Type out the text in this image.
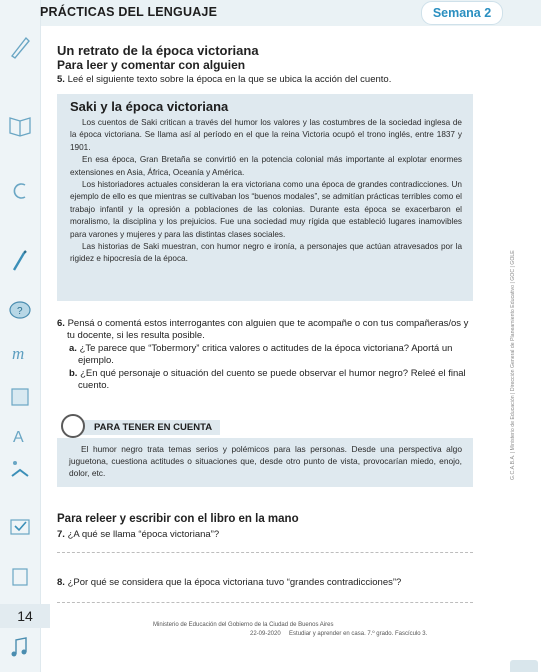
?
m
A
PRÁCTICAS DEL LENGUAJE	Semana 2
Un retrato de la época victoriana
Para leer y comentar con alguien
5. Leé el siguiente texto sobre la época en la que se ubica la acción del cuento.
Saki y la época victoriana

Los cuentos de Saki critican a través del humor los valores y las costumbres de la sociedad inglesa de la época victoriana. Se llama así al período en el que la reina Victoria ocupó el trono inglés, entre 1837 y 1901.

En esa época, Gran Bretaña se convirtió en la potencia colonial más importante al explotar enormes extensiones en Asia, África, Oceanía y América.

Los historiadores actuales consideran la era victoriana como una época de grandes contradicciones. Un ejemplo de ello es que mientras se cultivaban los “buenos modales”, se admitían prácticas terribles como el trabajo infantil y la opresión a poblaciones de las colonias. Durante esta época se exacerbaron el moralismo, la disciplina y los prejuicios. Fue una sociedad muy rígida que estableció lugares inamovibles para varones y mujeres y para las distintas clases sociales.

Las historias de Saki muestran, con humor negro e ironía, a personajes que actúan atravesados por la rigidez e hipocresía de la época.

6. Pensá o comentá estos interrogantes con alguien que te acompañe o con tus compañeras/os y tu docente, si les resulta posible.
a. ¿Te parece que “Tobermory” critica valores o actitudes de la época victoriana? Aportá un ejemplo.
b. ¿En qué personaje o situación del cuento se puede observar el humor negro? Releé el final cuento.
PARA TENER EN CUENTA
El humor negro trata temas serios y polémicos para las personas. Desde una perspectiva algo juguetona, cuestiona actitudes o situaciones que, desde otro punto de vista, provocarían miedo, enojo, dolor, etc.
Para releer y escribir con el libro en la mano
7. ¿A qué se llama “época victoriana”?
8. ¿Por qué se considera que la época victoriana tuvo “grandes contradicciones”?
14
Ministerio de Educación del Gobierno de la Ciudad de Buenos Aires
22-09-2020 Estudiar y aprender en casa. 7.º grado. Fascículo 3.
G.C.A.B.A. | Ministerio de Educación | Dirección General de Planeamiento Educativo | GOC | GOLE
